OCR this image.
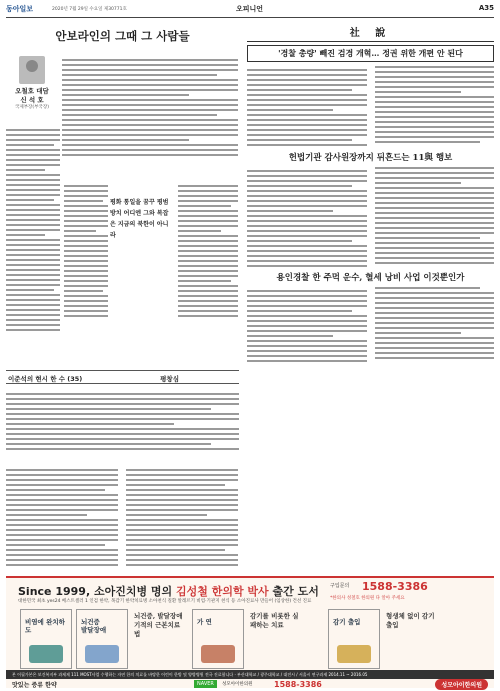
동아일보	2020년 7월 29일 수요일 제30771호	오피니언	A35
안보라인의 그때 그 사람들
오철호 대담
신 석 호
국제부장(부국장)
평화 통일을 꿈꾸 평범 방치 어디엔 그와 복잡은 지금의 북한이 아니라
이준석의 현시 한 수 (35)	평창심
社 說
'경찰 총량' 빼진 검경 개혁… 정권 위한 개편 안 된다
헌법기관 감사원장까지 뒤흔드는 11與 행보
용인경찰 한 주먹 운수, 혈세 낭비 사업 이것뿐인가
Since 1999, 소아진치병 명의 김성철 한의학 박사 출간 도서
대한민국 최초 yes24 베스트셀러 1 인검 한약, 목감기 한약치료병 소아천식 질환 알레르기 비염·기관지 천식 등 소아진료사 만들어 (임상한) 건선 진료
구입문의 1588-3386
*한의사 성철호 한의원 다 알아 주세요
비염에 완치하도
뇌건증
발달장애
뇌건증, 발달장애 기적의 근본치료법
가 연
감기를 비롯한 실패하는 치료	감기 출입
형생체 없이 감기출입
본 어필가본은 보건복지부 과제제 111 MOST사업 수행하는 자연 한의 치료를 바탕한 어린이 한방 및 양방병원 전국 진료합니다 · 부산대학교 / 광주대학교 / 대전시 / 서울시 연구과제 2014.11 ~ 2016.05
맛있는 증류 한약	NAVER	성모아이한의원	1588-3386	성모아이한의원
